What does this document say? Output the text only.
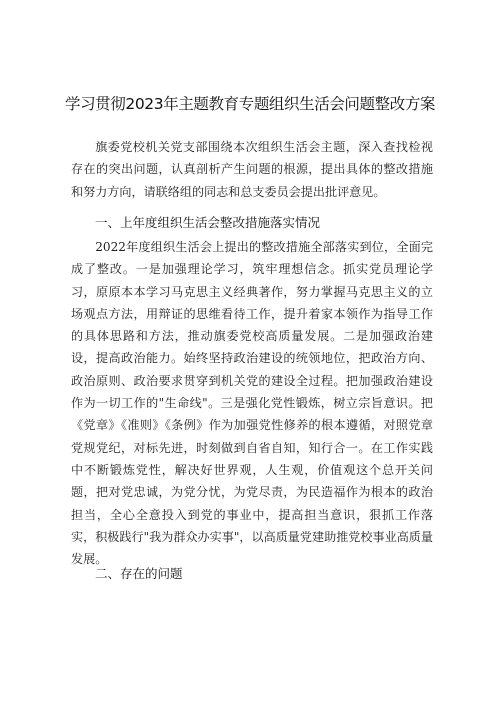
学习贯彻2023年主题教育专题组织生活会问题整改方案

旗委党校机关党支部围绕本次组织生活会主题，深入查找检视存在的突出问题，认真剖析产生问题的根源，提出具体的整改措施和努力方向，请联络组的同志和总支委员会提出批评意见。

一、上年度组织生活会整改措施落实情况

2022年度组织生活会上提出的整改措施全部落实到位，全面完成了整改。一是加强理论学习，筑牢理想信念。抓实党员理论学习，原原本本学习马克思主义经典著作，努力掌握马克思主义的立场观点方法，用辩证的思维看待工作，提升着家本领作为指导工作的具体思路和方法，推动旗委党校高质量发展。二是加强政治建设，提高政治能力。始终坚持政治建设的统领地位，把政治方向、政治原则、政治要求贯穿到机关党的建设全过程。把加强政治建设作为一切工作的"生命线"。三是强化党性锻炼，树立宗旨意识。把《党章》《准则》《条例》作为加强党性修养的根本遵循，对照党章党规党纪，对标先进，时刻做到自省自知，知行合一。在工作实践中不断锻炼党性，解决好世界观，人生观，价值观这个总开关问题，把对党忠诚，为党分忧，为党尽责，为民造福作为根本的政治担当，全心全意投入到党的事业中，提高担当意识，狠抓工作落实，积极践行"我为群众办实事"，以高质量党建助推党校事业高质量发展。

二、存在的问题
